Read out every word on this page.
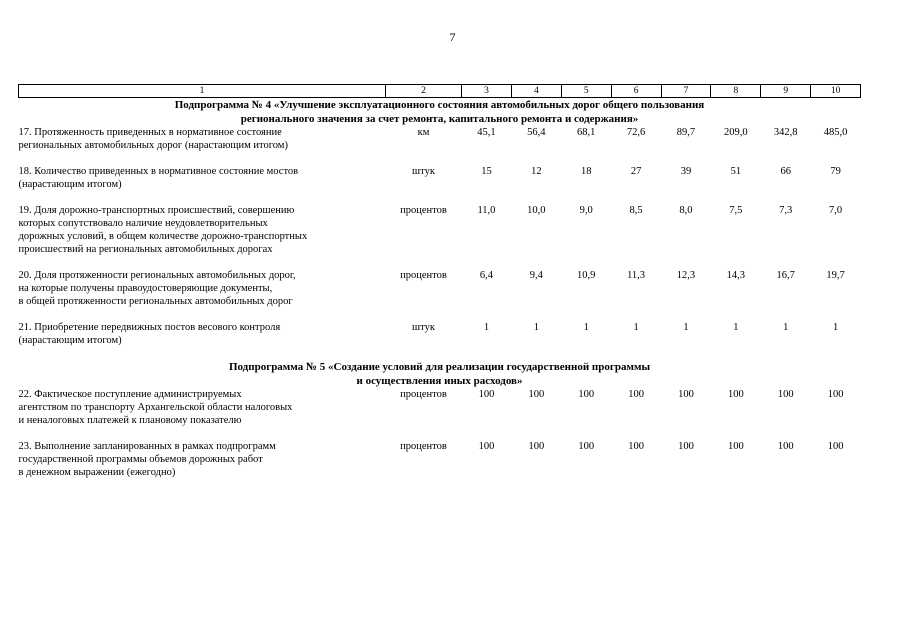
7
1	2	3	4	5	6	7	8	9	10

Подпрограмма № 4 «Улучшение эксплуатационного состояния автомобильных дорог общего пользования
регионального значения за счет ремонта, капитального ремонта и содержания»									

17. Протяженность приведенных в нормативное состояние
региональных автомобильных дорог (нарастающим итогом)	км	45,1	56,4	68,1	72,6	89,7	209,0	342,8	485,0

18. Количество приведенных в нормативное состояние мостов
(нарастающим итогом)	штук	15	12	18	27	39	51	66	79

19. Доля дорожно-транспортных происшествий, совершению
которых сопутствовало наличие неудовлетворительных
дорожных условий, в общем количестве дорожно-транспортных
происшествий на региональных автомобильных дорогах	процентов	11,0	10,0	9,0	8,5	8,0	7,5	7,3	7,0

20. Доля протяженности региональных автомобильных дорог,
на которые получены правоудостоверяющие документы,
в общей протяженности региональных автомобильных дорог	процентов	6,4	9,4	10,9	11,3	12,3	14,3	16,7	19,7

21. Приобретение передвижных постов весового контроля
(нарастающим итогом)	штук	1	1	1	1	1	1	1	1

Подпрограмма № 5 «Создание условий для реализации государственной программы
и осуществления иных расходов»									

22. Фактическое поступление администрируемых
агентством по транспорту Архангельской области налоговых
и неналоговых платежей к плановому показателю	процентов	100	100	100	100	100	100	100	100

23. Выполнение запланированных в рамках подпрограмм
государственной программы объемов дорожных работ
в денежном выражении (ежегодно)	процентов	100	100	100	100	100	100	100	100
